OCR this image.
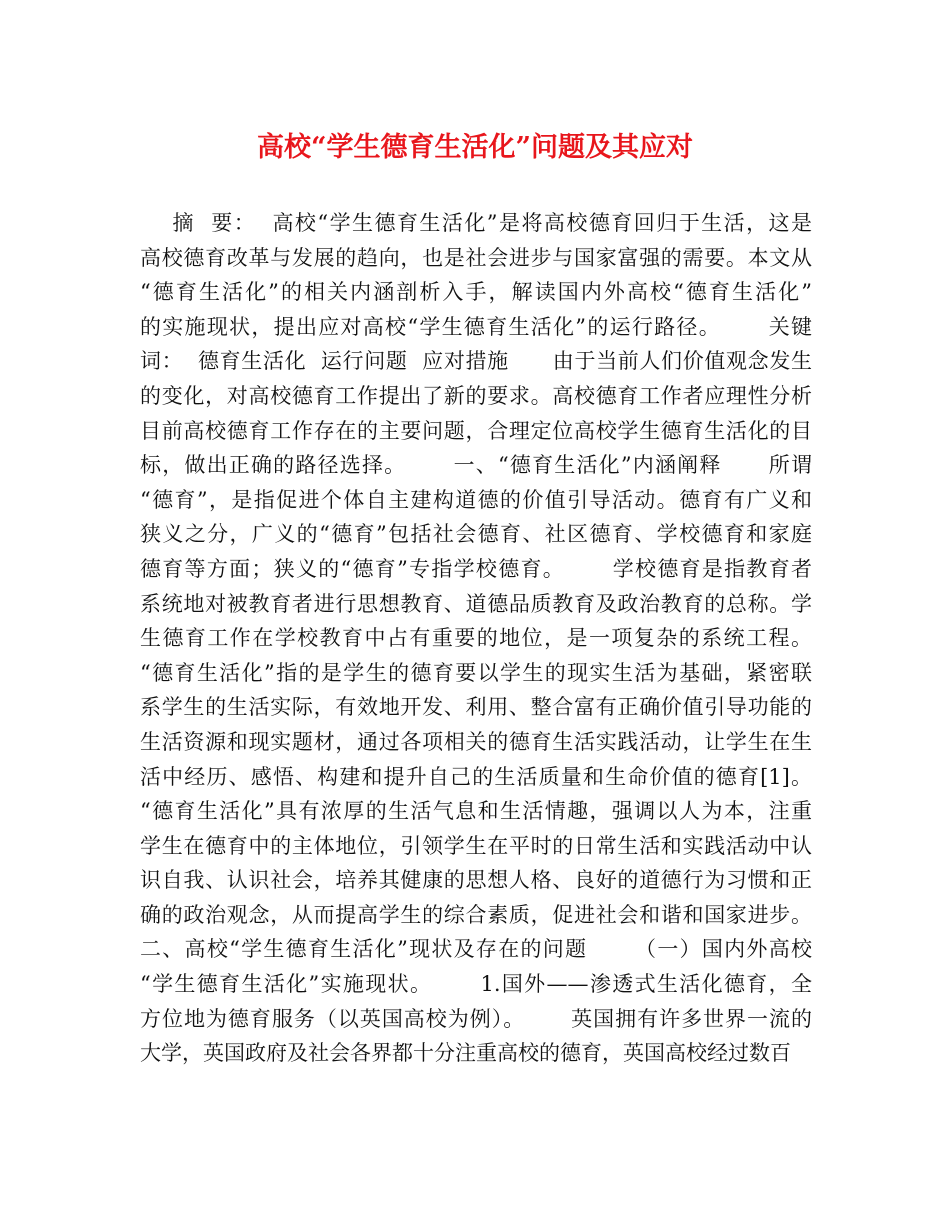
高校“学生德育生活化”问题及其应对
摘  要：  高校“学生德育生活化”是将高校德育回归于生活，这是
高校德育改革与发展的趋向，也是社会进步与国家富强的需要。本文从
“德育生活化”的相关内涵剖析入手，解读国内外高校“德育生活化”
的实施现状，提出应对高校“学生德育生活化”的运行路径。      关键
词：  德育生活化  运行问题  应对措施      由于当前人们价值观念发生
的变化，对高校德育工作提出了新的要求。高校德育工作者应理性分析
目前高校德育工作存在的主要问题，合理定位高校学生德育生活化的目
标，做出正确的路径选择。      一、“德育生活化”内涵阐释      所谓
“德育”，是指促进个体自主建构道德的价值引导活动。德育有广义和
狭义之分，广义的“德育”包括社会德育、社区德育、学校德育和家庭
德育等方面；狭义的“德育”专指学校德育。      学校德育是指教育者
系统地对被教育者进行思想教育、道德品质教育及政治教育的总称。学
生德育工作在学校教育中占有重要的地位，是一项复杂的系统工程。
“德育生活化”指的是学生的德育要以学生的现实生活为基础，紧密联
系学生的生活实际，有效地开发、利用、整合富有正确价值引导功能的
生活资源和现实题材，通过各项相关的德育生活实践活动，让学生在生
活中经历、感悟、构建和提升自己的生活质量和生命价值的德育[1]。
“德育生活化”具有浓厚的生活气息和生活情趣，强调以人为本，注重
学生在德育中的主体地位，引领学生在平时的日常生活和实践活动中认
识自我、认识社会，培养其健康的思想人格、良好的道德行为习惯和正
确的政治观念，从而提高学生的综合素质，促进社会和谐和国家进步。
二、高校“学生德育生活化”现状及存在的问题      （一）国内外高校
“学生德育生活化”实施现状。      1.国外——渗透式生活化德育，全
方位地为德育服务（以英国高校为例）。      英国拥有许多世界一流的
大学，英国政府及社会各界都十分注重高校的德育，英国高校经过数百
